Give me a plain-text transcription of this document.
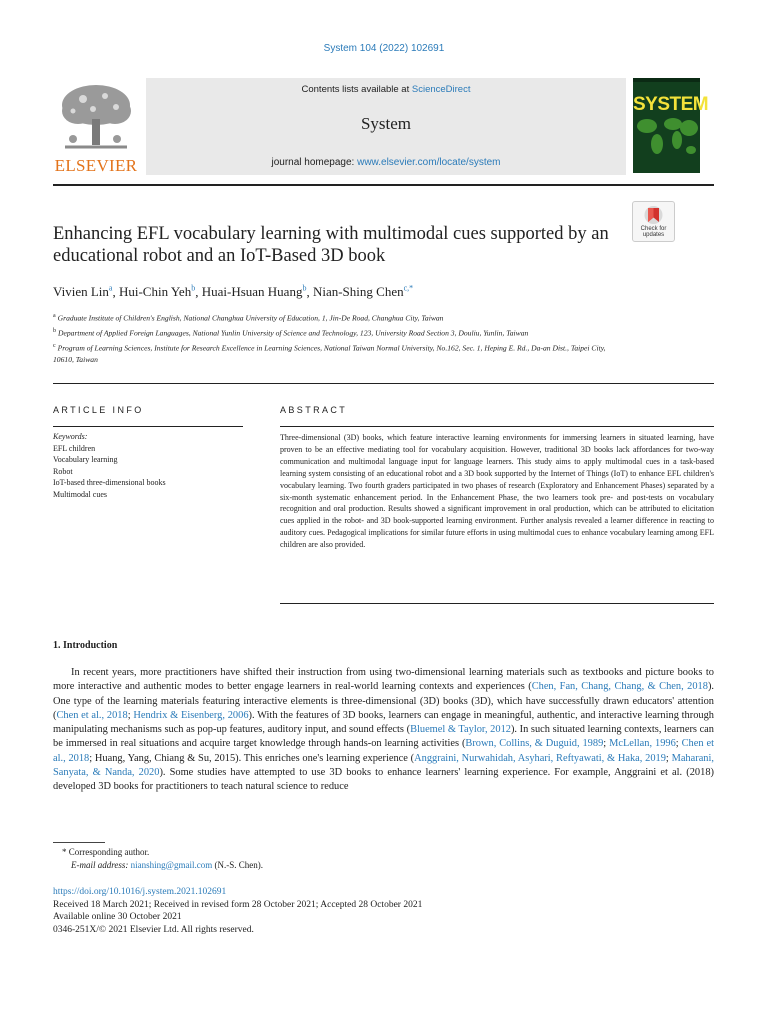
System 104 (2022) 102691
ELSEVIER
Contents lists available at ScienceDirect
System
journal homepage: www.elsevier.com/locate/system
SYSTEM
Check for
updates
Enhancing EFL vocabulary learning with multimodal cues supported by an educational robot and an IoT-Based 3D book
Vivien Lin$^a$, Hui-Chin Yeh$^b$, Huai-Hsuan Huang$^b$, Nian-Shing Chen$^{c,*}$
$^a$ Graduate Institute of Children's English, National Changhua University of Education, 1, Jin-De Road, Changhua City, Taiwan
$^b$ Department of Applied Foreign Languages, National Yunlin University of Science and Technology, 123, University Road Section 3, Douliu, Yunlin, Taiwan
$^c$ Program of Learning Sciences, Institute for Research Excellence in Learning Sciences, National Taiwan Normal University, No.162, Sec. 1, Heping E. Rd., Da-an Dist., Taipei City, 10610, Taiwan
ARTICLE INFO	ABSTRACT
Keywords:
EFL children
Vocabulary learning
Robot
IoT-based three-dimensional books
Multimodal cues
Three-dimensional (3D) books, which feature interactive learning environments for immersing learners in situated learning, have proven to be an effective mediating tool for vocabulary acquisition. However, traditional 3D books lack affordances for two-way communication and multimodal language input for language learners. This study aims to apply multimodal cues in a task-based learning system consisting of an educational robot and a 3D book supported by the Internet of Things (IoT) to enhance EFL children's vocabulary learning. Two fourth graders participated in two phases of research (Exploratory and Enhancement Phases) separated by a six-month systematic enhancement period. In the Enhancement Phase, the two learners took pre- and post-tests on vocabulary recognition and oral production. Results showed a significant improvement in oral production, which can be attributed to elicitation cues applied in the robot- and 3D book-supported learning environment. Further analysis revealed a learner difference in reacting to auditory cues. Pedagogical implications for similar future efforts in using multimodal cues to enhance vocabulary learning among EFL children are also provided.
1. Introduction
In recent years, more practitioners have shifted their instruction from using two-dimensional learning materials such as textbooks and picture books to more interactive and authentic modes to better engage learners in real-world learning contexts and experiences (Chen, Fan, Chang, Chang, & Chen, 2018). One type of the learning materials featuring interactive elements is three-dimensional (3D) books (3D), which have successfully drawn educators' attention (Chen et al., 2018; Hendrix & Eisenberg, 2006). With the features of 3D books, learners can engage in meaningful, authentic, and interactive learning through manipulating mechanisms such as pop-up features, auditory input, and sound effects (Bluemel & Taylor, 2012). In such situated learning contexts, learners can be immersed in real situations and acquire target knowledge through hands-on learning activities (Brown, Collins, & Duguid, 1989; McLellan, 1996; Chen et al., 2018; Huang, Yang, Chiang & Su, 2015). This enriches one's learning experience (Anggraini, Nurwahidah, Asyhari, Reftyawati, & Haka, 2019; Maharani, Sanyata, & Nanda, 2020). Some studies have attempted to use 3D books to enhance learners' learning experience. For example, Anggraini et al. (2018) developed 3D books for practitioners to teach natural science to reduce
* Corresponding author.
E-mail address: nianshing@gmail.com (N.-S. Chen).
https://doi.org/10.1016/j.system.2021.102691
Received 18 March 2021; Received in revised form 28 October 2021; Accepted 28 October 2021
Available online 30 October 2021
0346-251X/© 2021 Elsevier Ltd. All rights reserved.
